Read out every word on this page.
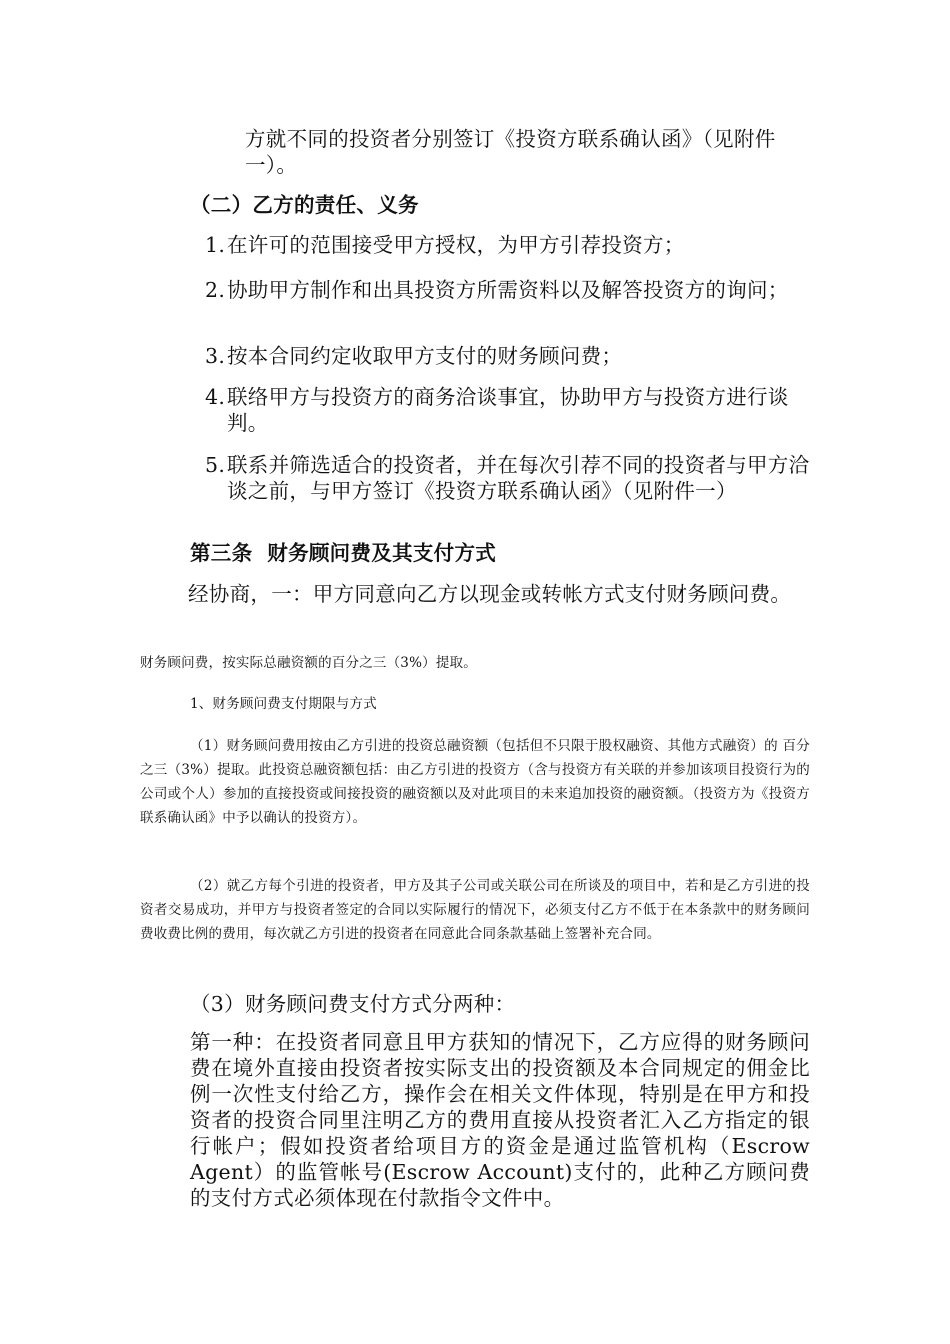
方就不同的投资者分别签订《投资方联系确认函》（见附件一）。

（二）乙方的责任、义务

1. 在许可的范围接受甲方授权，为甲方引荐投资方；
2. 协助甲方制作和出具投资方所需资料以及解答投资方的询问；
3. 按本合同约定收取甲方支付的财务顾问费；
4. 联络甲方与投资方的商务洽谈事宜，协助甲方与投资方进行谈判。
5. 联系并筛选适合的投资者，并在每次引荐不同的投资者与甲方洽谈之前，与甲方签订《投资方联系确认函》（见附件一）

第三条  财务顾问费及其支付方式

经协商，一：甲方同意向乙方以现金或转帐方式支付财务顾问费。

财务顾问费，按实际总融资额的百分之三（3%）提取。

1、财务顾问费支付期限与方式

（1）财务顾问费用按由乙方引进的投资总融资额（包括但不只限于股权融资、其他方式融资）的 百分之三（3%）提取。此投资总融资额包括：由乙方引进的投资方（含与投资方有关联的并参加该项目投资行为的公司或个人）参加的直接投资或间接投资的融资额以及对此项目的未来追加投资的融资额。（投资方为《投资方联系确认函》中予以确认的投资方）。

（2）就乙方每个引进的投资者，甲方及其子公司或关联公司在所谈及的项目中，若和是乙方引进的投资者交易成功，并甲方与投资者签定的合同以实际履行的情况下，必须支付乙方不低于在本条款中的财务顾问费收费比例的费用，每次就乙方引进的投资者在同意此合同条款基础上签署补充合同。

（3）财务顾问费支付方式分两种：

第一种：在投资者同意且甲方获知的情况下，乙方应得的财务顾问费在境外直接由投资者按实际支出的投资额及本合同规定的佣金比例一次性支付给乙方，操作会在相关文件体现，特别是在甲方和投资者的投资合同里注明乙方的费用直接从投资者汇入乙方指定的银行帐户；假如投资者给项目方的资金是通过监管机构（Escrow Agent）的监管帐号(Escrow Account)支付的，此种乙方顾问费的支付方式必须体现在付款指令文件中。
